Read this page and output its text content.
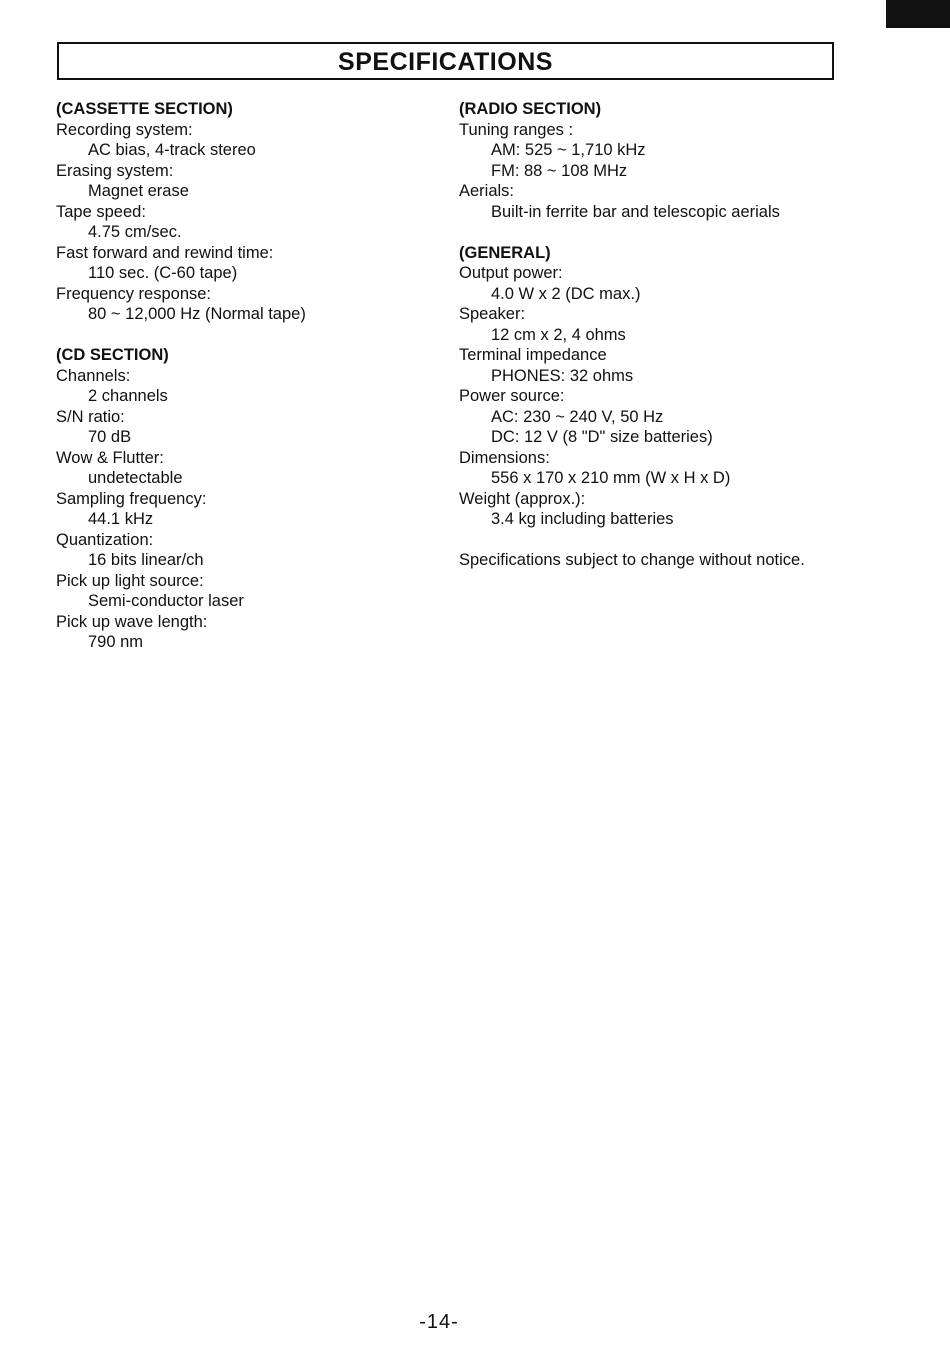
SPECIFICATIONS

(CASSETTE SECTION)

Recording system:

AC bias, 4-track stereo

Erasing system:

Magnet erase

Tape speed:

4.75 cm/sec.

Fast forward and rewind time:

110 sec. (C-60 tape)

Frequency response:

80 ~ 12,000 Hz (Normal tape)

(CD SECTION)

Channels:

2 channels

S/N ratio:

70 dB

Wow & Flutter:

undetectable

Sampling frequency:

44.1 kHz

Quantization:

16 bits linear/ch

Pick up light source:

Semi-conductor laser

Pick up wave length:

790 nm

(RADIO SECTION)

Tuning ranges :

AM: 525 ~ 1,710 kHz

FM: 88 ~ 108 MHz

Aerials:

Built-in ferrite bar and telescopic aerials

(GENERAL)

Output power:

4.0 W x 2 (DC max.)

Speaker:

12 cm x 2, 4 ohms

Terminal impedance

PHONES: 32 ohms

Power source:

AC: 230 ~ 240 V, 50 Hz

DC: 12 V (8 "D" size batteries)

Dimensions:

556 x 170 x 210 mm (W x H x D)

Weight (approx.):

3.4 kg including batteries

Specifications subject to change without notice.

-14-
